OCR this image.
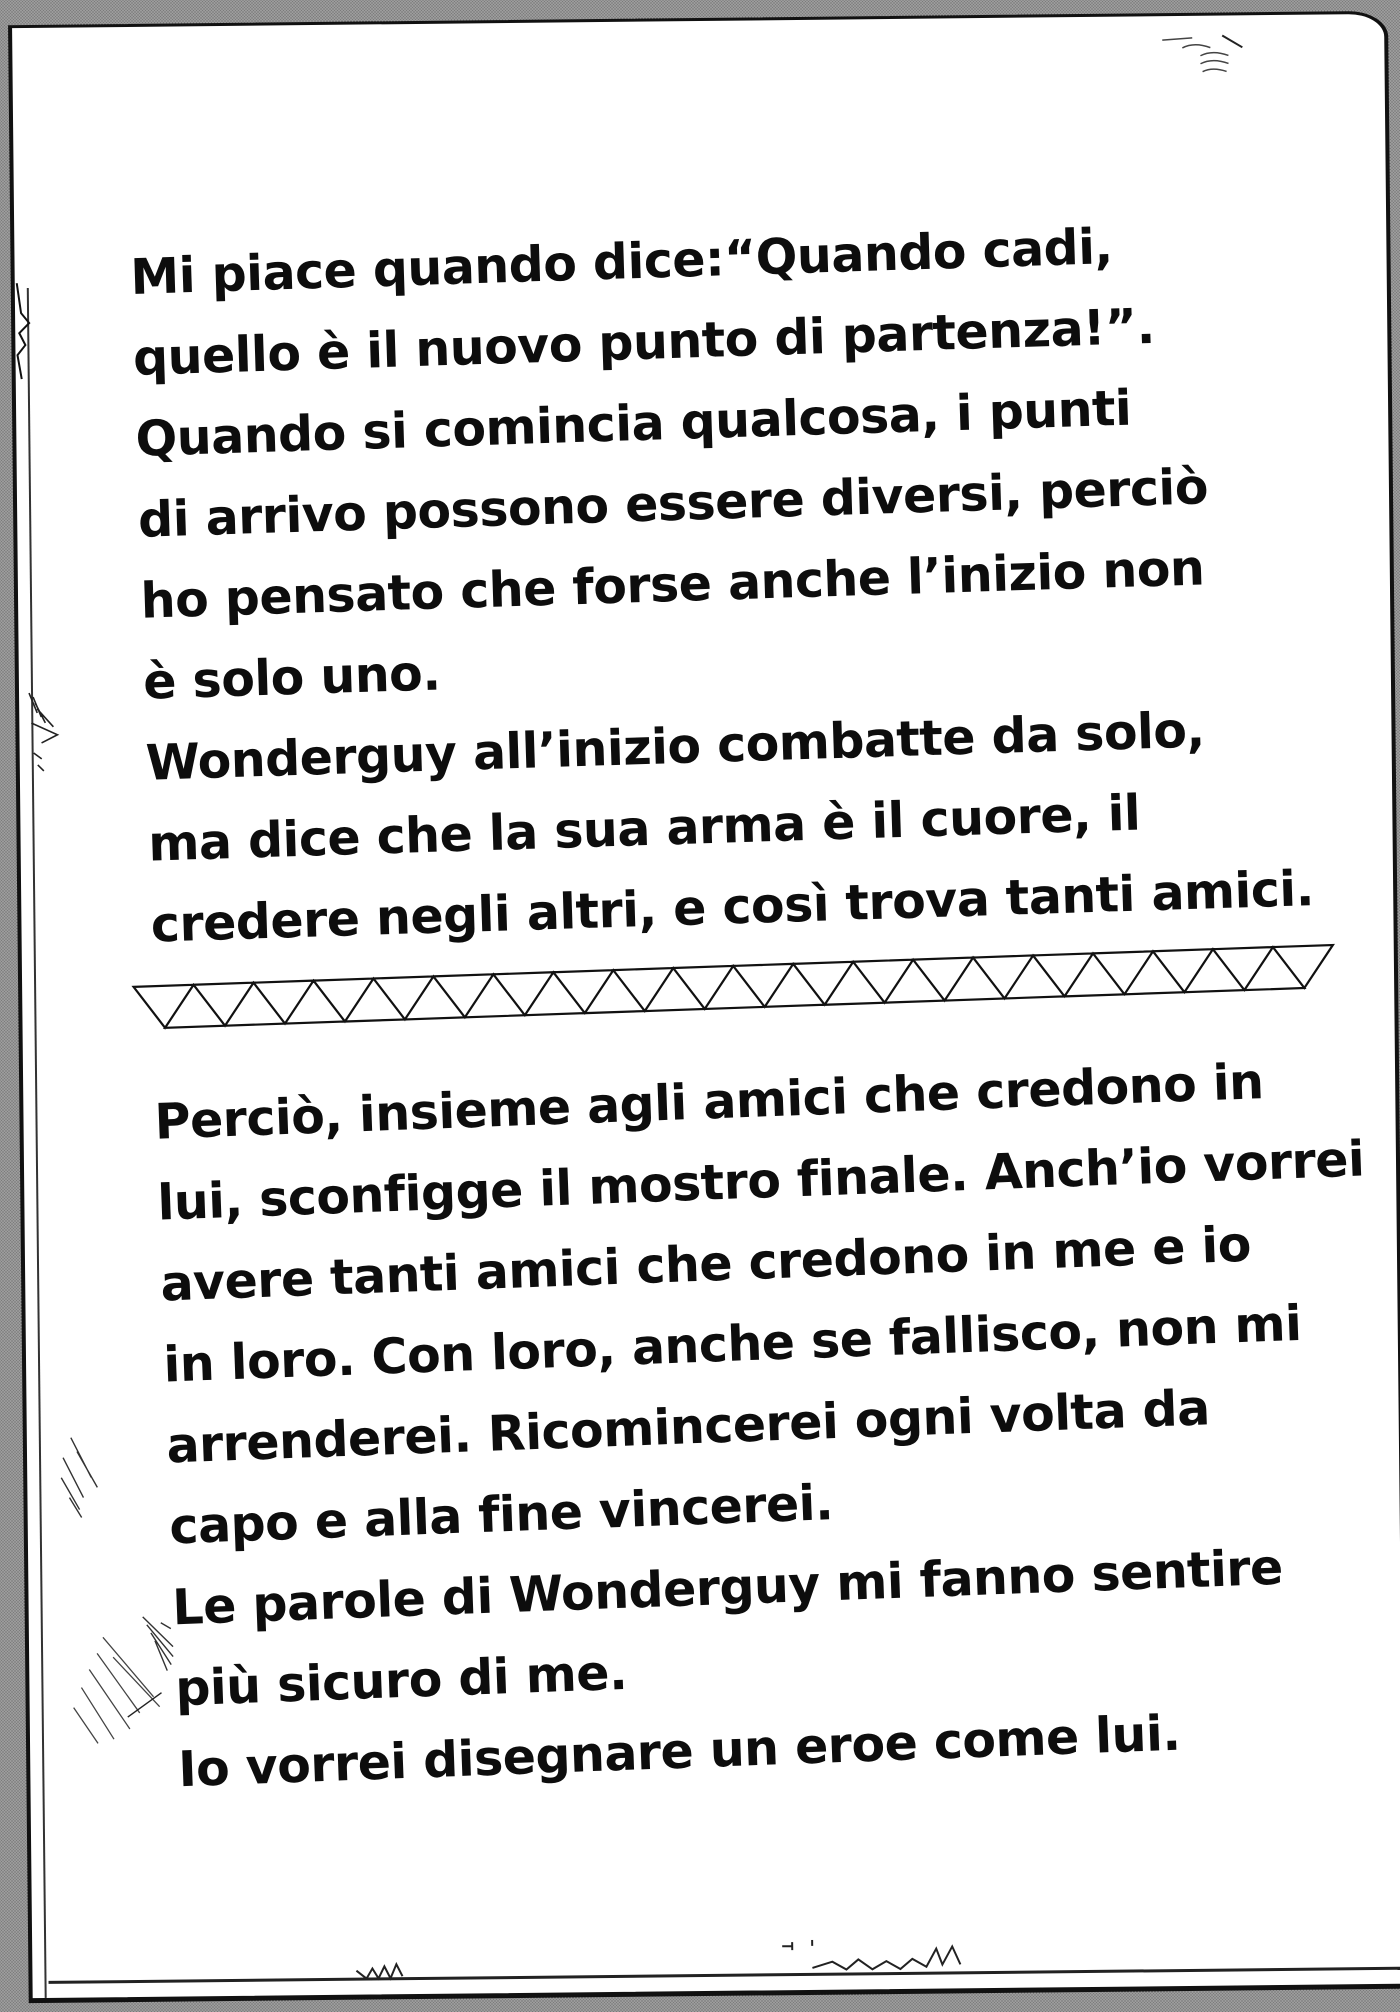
Mi piace quando dice:“Quando cadi,
quello è il nuovo punto di partenza!”.
Quando si comincia qualcosa, i punti
di arrivo possono essere diversi, perciò
ho pensato che forse anche l’inizio non
è solo uno.
Wonderguy all’inizio combatte da solo,
ma dice che la sua arma è il cuore, il
credere negli altri, e così trova tanti amici.
Perciò, insieme agli amici che credono in
lui, sconfigge il mostro finale. Anch’io vorrei
avere tanti amici che credono in me e io
in loro. Con loro, anche se fallisco, non mi
arrenderei. Ricomincerei ogni volta da
capo e alla fine vincerei.
Le parole di Wonderguy mi fanno sentire
più sicuro di me.
Io vorrei disegnare un eroe come lui.
